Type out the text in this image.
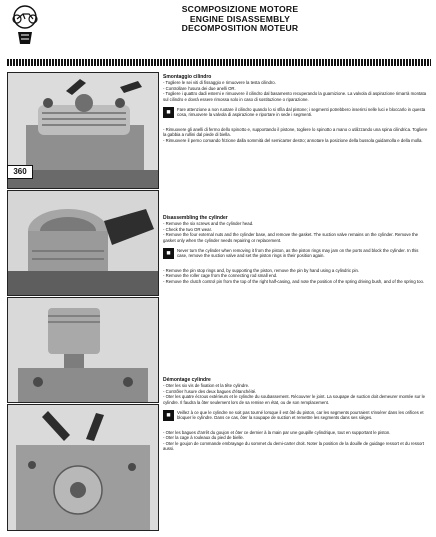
SCOMPOSIZIONE MOTORE
ENGINE DISASSEMBLY
DECOMPOSITION MOTEUR
360

Smontaggio cilindro

- Togliere le sei viti di fissaggio e rimuovere la testa cilindro.

- Controllare l'usura dei due anelli OR.

- Togliere i quattro dadi esterni e rimuovere il cilindro dal basamento recuperando la guarnizione. La valvola di aspirazione rimarrà montata sul cilindro e dovrà essere rimossa solo in caso di sostituzione o riparazione.

■	Fare attenzione a non ruotare il cilindro quando lo si sfila dal pistone; i segmenti potrebbero inserirsi nelle luci e bloccarlo in questa cosa, rimuovere la valvola di aspirazione e riportare in sede i segmenti.

- Rimuovere gli anelli di fermo dello spinotto e, supportando il pistone, togliere lo spinotto a mano o utilizzando una spina cilindrica. Togliere la gabbia a rullini dal piede di biella.

- Rimuovere il perno comando frizione dalla sommità del semicarter destro; annotare la posizione della bussola guidamolla e della molla.

Disassembling the cylinder

- Remove the six screws and the cylinder head.

- Check the two OR wear.

- Remove the four external nuts and the cylinder base, and remove the gasket. The suction valve remains on the cylinder. Remove the gasket only when the cylinder needs repairing or replacement.

■	Never turn the cylinder when removing it from the piston, as the piston rings may jam on the ports and block the cylinder. In this case, remove the suction valve and set the piston rings in their position again.

- Remove the pin stop rings and, by supporting the piston, remove the pin by hand using a cylindric pin.

- Remove the roller cage from the connecting rod small end.

- Remove the clutch control pin from the top of the right half-casing, and note the position of the spring driving bush, and of the spring too.

Démontage cylindre

- Oter les six vis de fixation et la tête cylindre.

- Contrôler l'usure des deux bagues d'étanchéité.

- Oter les quatre écrous extérieurs et le cylindre du soubassement. Récouvrer le joint. La soupape de suction doit demeurer montée sur le cylindre. Il faudra la ôter seulement lors de sa remise en état, ou de son remplacement.

■	Veillez à ce que le cylindre ne soit pas tourné lorsque il est ôté du piston, car les segments pourraient s'insérer dans les orifices et bloquer le cylindre. Dans ce cas, ôter la soupape de suction et remettre les segments dans ses sièges.

- Oter les bagues d'arrêt du goujon et ôter ce dernier à la main par une goupille cylindrique, tout en supportant le piston.

- Oter la cage à rouleaux du pied de bielle.

- Oter le goujon de commande embrayage du sommet du demi-carter droit. Noter la position de la douille de guidage ressort et du ressort aussi.
